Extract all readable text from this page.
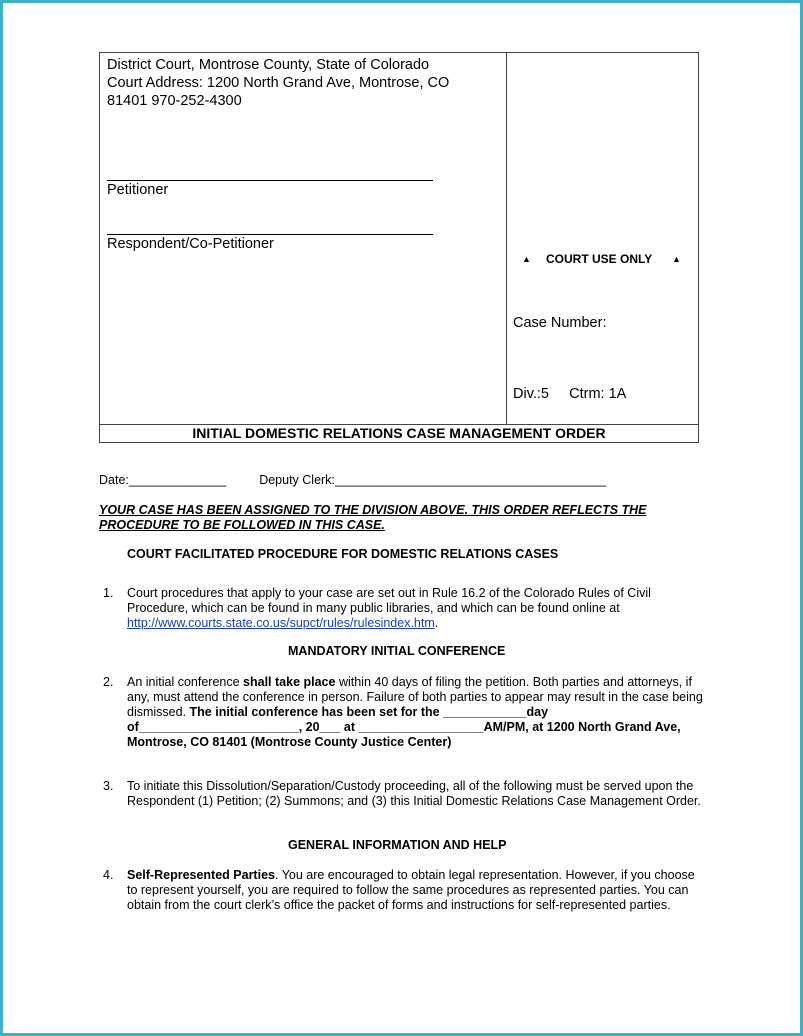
District Court, Montrose County, State of Colorado
Court Address: 1200 North Grand Ave, Montrose, CO
81401 970-252-4300
Petitioner
Respondent/Co-Petitioner
▲ COURT USE ONLY ▲
Case Number:
Div.:5     Ctrm: 1A
INITIAL DOMESTIC RELATIONS CASE MANAGEMENT ORDER
Date:______________	Deputy Clerk:_______________________________________
YOUR CASE HAS BEEN ASSIGNED TO THE DIVISION ABOVE. THIS ORDER REFLECTS THE PROCEDURE TO BE FOLLOWED IN THIS CASE.
COURT FACILITATED PROCEDURE FOR DOMESTIC RELATIONS CASES
1. Court procedures that apply to your case are set out in Rule 16.2 of the Colorado Rules of Civil Procedure, which can be found in many public libraries, and which can be found online at
http://www.courts.state.co.us/supct/rules/rulesindex.htm.
MANDATORY INITIAL CONFERENCE
2. An initial conference shall take place within 40 days of filing the petition. Both parties and attorneys, if any, must attend the conference in person. Failure of both parties to appear may result in the case being dismissed. The initial conference has been set for the ____________day of_______________________, 20___ at __________________AM/PM, at 1200 North Grand Ave, Montrose, CO 81401 (Montrose County Justice Center)
3. To initiate this Dissolution/Separation/Custody proceeding, all of the following must be served upon the Respondent (1) Petition; (2) Summons; and (3) this Initial Domestic Relations Case Management Order.
GENERAL INFORMATION AND HELP
4. Self-Represented Parties. You are encouraged to obtain legal representation. However, if you choose to represent yourself, you are required to follow the same procedures as represented parties. You can obtain from the court clerk’s office the packet of forms and instructions for self-represented parties.
